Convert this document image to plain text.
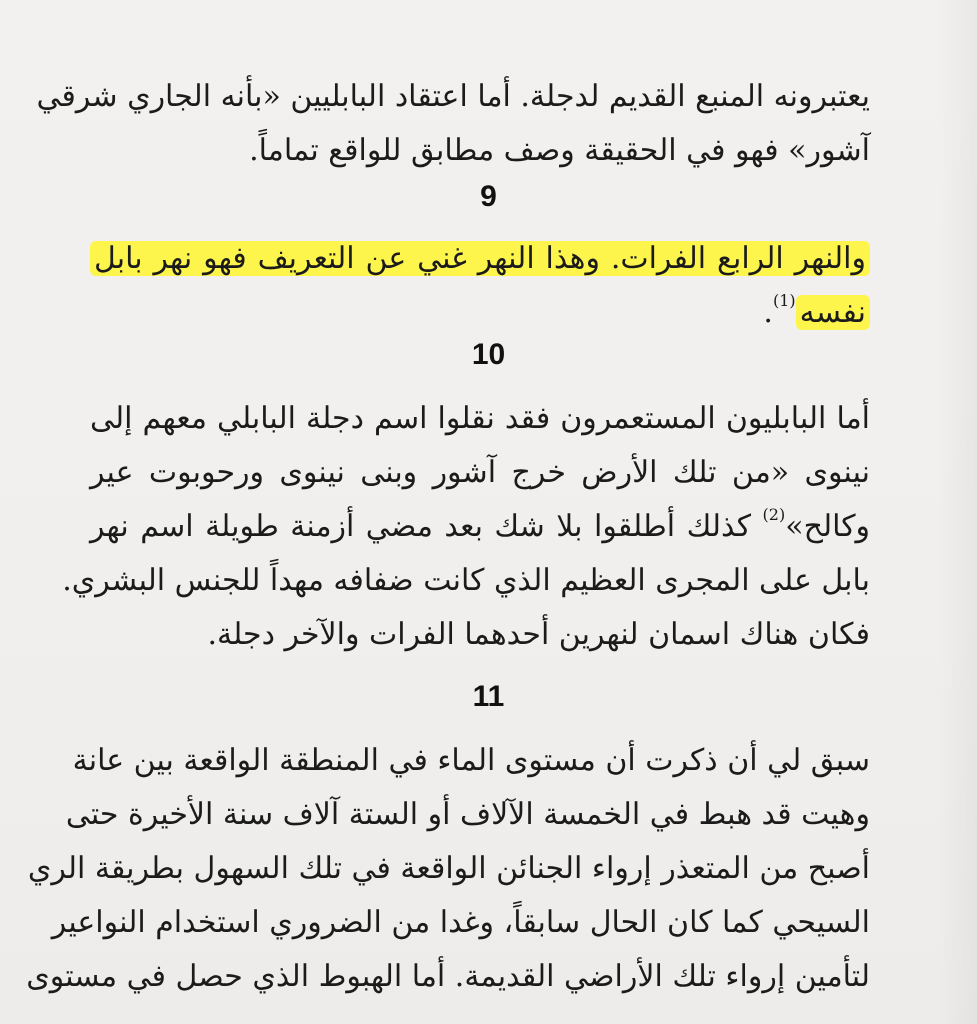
يعتبرونه المنبع القديم لدجلة. أما اعتقاد البابليين «بأنه الجاري شرقي
آشور» فهو في الحقيقة وصف مطابق للواقع تماماً.
9
والنهر الرابع الفرات. وهذا النهر غني عن التعريف فهو نهر بابل
نفسه$^{(1)}$.
10
أما البابليون المستعمرون فقد نقلوا اسم دجلة البابلي معهم إلى
نينوى «من تلك الأرض خرج آشور وبنى نينوى ورحوبوت عير
وكالح»$^{(2)}$ كذلك أطلقوا بلا شك بعد مضي أزمنة طويلة اسم نهر
بابل على المجرى العظيم الذي كانت ضفافه مهداً للجنس البشري.
فكان هناك اسمان لنهرين أحدهما الفرات والآخر دجلة.
11
سبق لي أن ذكرت أن مستوى الماء في المنطقة الواقعة بين عانة
وهيت قد هبط في الخمسة الآلاف أو الستة آلاف سنة الأخيرة حتى
أصبح من المتعذر إرواء الجنائن الواقعة في تلك السهول بطريقة الري
السيحي كما كان الحال سابقاً، وغدا من الضروري استخدام النواعير
لتأمين إرواء تلك الأراضي القديمة. أما الهبوط الذي حصل في مستوى
